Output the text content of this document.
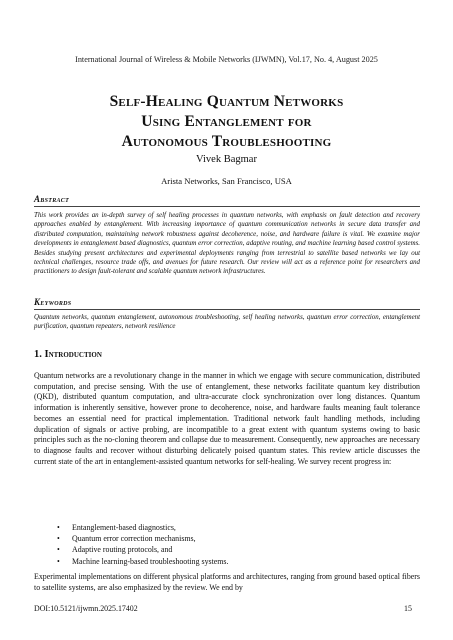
International Journal of Wireless & Mobile Networks (IJWMN), Vol.17, No. 4, August 2025
Self-Healing Quantum Networks
Using Entanglement for
Autonomous Troubleshooting
Vivek Bagmar
Arista Networks, San Francisco, USA
Abstract
This work provides an in-depth survey of self healing processes in quantum networks, with emphasis on fault detection and recovery approaches enabled by entanglement. With increasing importance of quantum communication networks in secure data transfer and distributed computation, maintaining network robustness against decoherence, noise, and hardware failure is vital. We examine major developments in entanglement based diagnostics, quantum error correction, adaptive routing, and machine learning based control systems. Besides studying present architectures and experimental deployments ranging from terrestrial to satellite based networks we lay out technical challenges, resource trade offs, and avenues for future research. Our review will act as a reference point for researchers and practitioners to design fault-tolerant and scalable quantum network infrastructures.
Keywords
Quantum networks, quantum entanglement, autonomous troubleshooting, self healing networks, quantum error correction, entanglement purification, quantum repeaters, network resilience
1. Introduction
Quantum networks are a revolutionary change in the manner in which we engage with secure communication, distributed computation, and precise sensing. With the use of entanglement, these networks facilitate quantum key distribution (QKD), distributed quantum computation, and ultra-accurate clock synchronization over long distances. Quantum information is inherently sensitive, however prone to decoherence, noise, and hardware faults meaning fault tolerance becomes an essential need for practical implementation. Traditional network fault handling methods, including duplication of signals or active probing, are incompatible to a great extent with quantum systems owing to basic principles such as the no-cloning theorem and collapse due to measurement. Consequently, new approaches are necessary to diagnose faults and recover without disturbing delicately poised quantum states. This review article discusses the current state of the art in entanglement-assisted quantum networks for self-healing. We survey recent progress in:
• Entanglement-based diagnostics,
• Quantum error correction mechanisms,
• Adaptive routing protocols, and
• Machine learning-based troubleshooting systems.
Experimental implementations on different physical platforms and architectures, ranging from ground based optical fibers to satellite systems, are also emphasized by the review. We end by
DOI:10.5121/ijwmn.2025.17402	15
